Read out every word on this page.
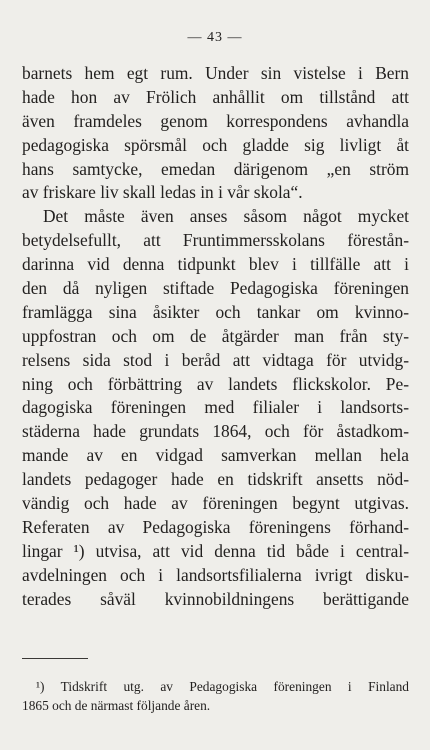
— 43 —
barnets hem egt rum. Under sin vistelse i Bern
hade hon av Frölich anhållit om tillstånd att
även framdeles genom korrespondens avhandla
pedagogiska spörsmål och gladde sig livligt åt
hans samtycke, emedan därigenom „en ström
av friskare liv skall ledas in i vår skola“.
Det måste även anses såsom något mycket
betydelsefullt, att Fruntimmersskolans förestån-
darinna vid denna tidpunkt blev i tillfälle att i
den då nyligen stiftade Pedagogiska föreningen
framlägga sina åsikter och tankar om kvinno-
uppfostran och om de åtgärder man från sty-
relsens sida stod i beråd att vidtaga för utvidg-
ning och förbättring av landets flickskolor. Pe-
dagogiska föreningen med filialer i landsorts-
städerna hade grundats 1864, och för åstadkom-
mande av en vidgad samverkan mellan hela
landets pedagoger hade en tidskrift ansetts nöd-
vändig och hade av föreningen begynt utgivas.
Referaten av Pedagogiska föreningens förhand-
lingar ¹) utvisa, att vid denna tid både i central-
avdelningen och i landsortsfilialerna ivrigt disku-
terades såväl kvinnobildningens berättigande
¹) Tidskrift utg. av Pedagogiska föreningen i Finland
1865 och de närmast följande åren.
